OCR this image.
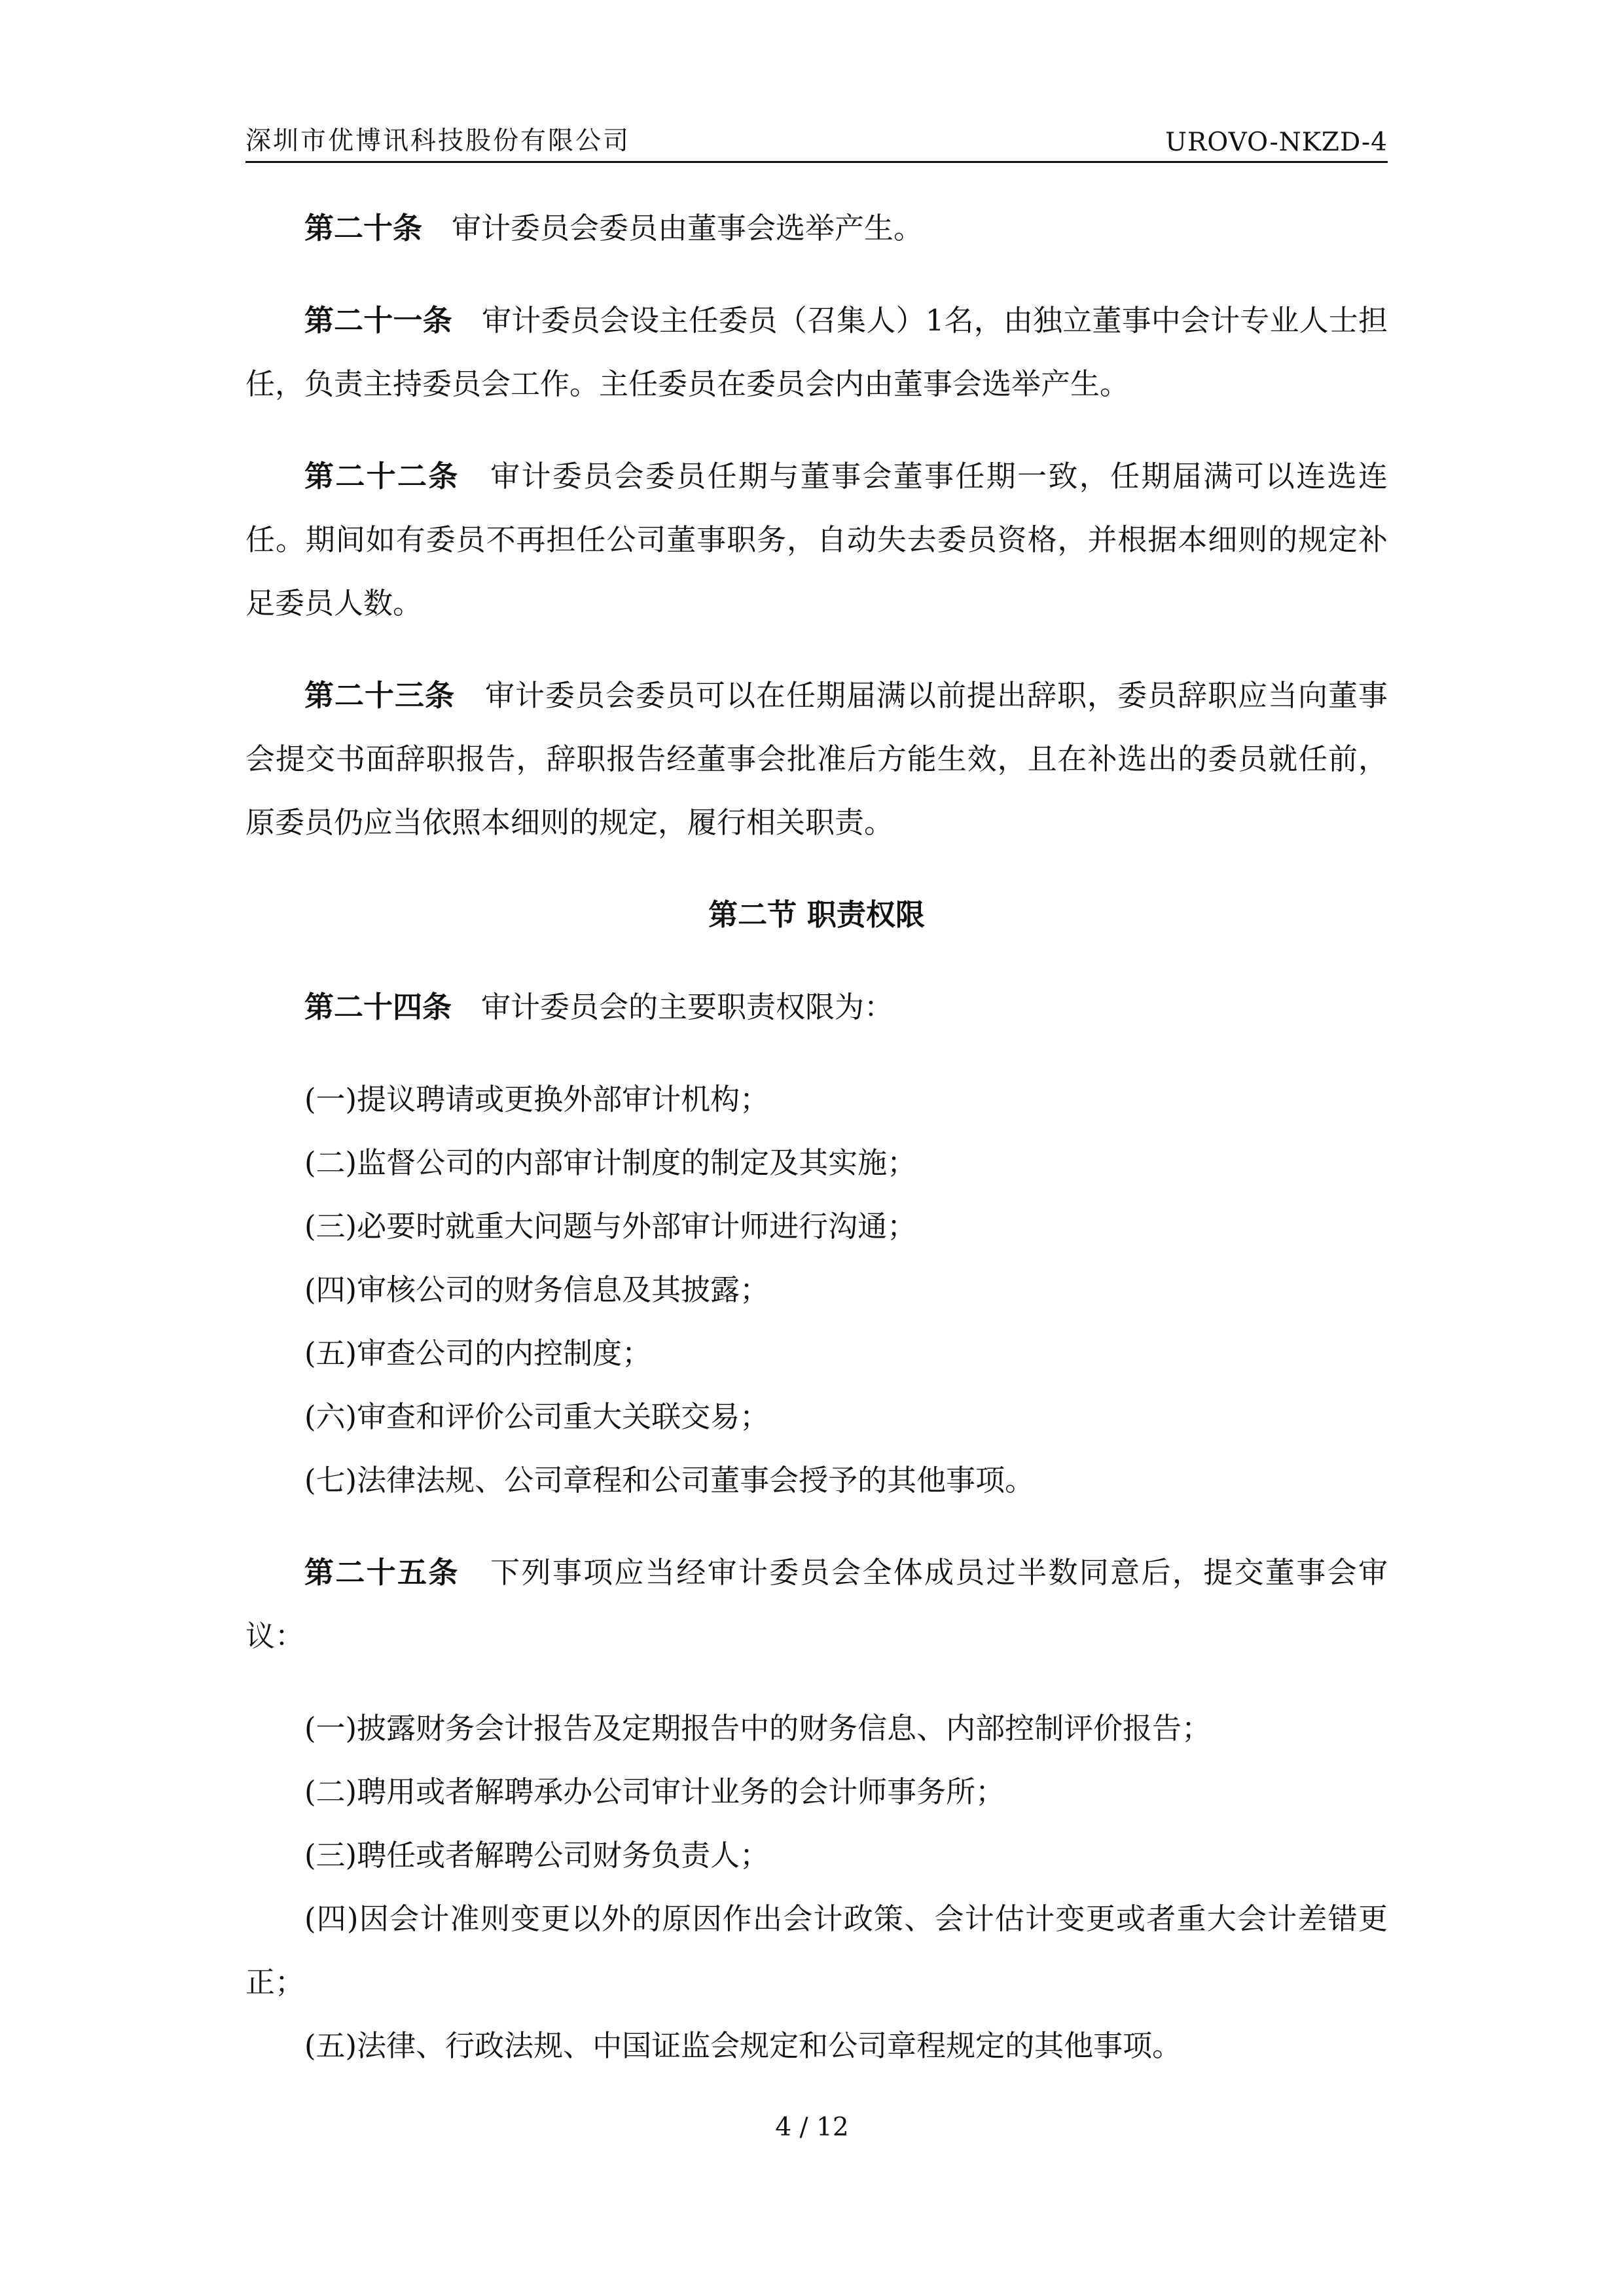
深圳市优博讯科技股份有限公司	UROVO-NKZD-4

第二十条  审计委员会委员由董事会选举产生。

第二十一条  审计委员会设主任委员（召集人）1名，由独立董事中会计专业人士担任，负责主持委员会工作。主任委员在委员会内由董事会选举产生。

第二十二条  审计委员会委员任期与董事会董事任期一致，任期届满可以连选连任。期间如有委员不再担任公司董事职务，自动失去委员资格，并根据本细则的规定补足委员人数。

第二十三条  审计委员会委员可以在任期届满以前提出辞职，委员辞职应当向董事会提交书面辞职报告，辞职报告经董事会批准后方能生效，且在补选出的委员就任前，原委员仍应当依照本细则的规定，履行相关职责。

第二节 职责权限

第二十四条  审计委员会的主要职责权限为：

(一)提议聘请或更换外部审计机构；

(二)监督公司的内部审计制度的制定及其实施；

(三)必要时就重大问题与外部审计师进行沟通；

(四)审核公司的财务信息及其披露；

(五)审查公司的内控制度；

(六)审查和评价公司重大关联交易；

(七)法律法规、公司章程和公司董事会授予的其他事项。

第二十五条  下列事项应当经审计委员会全体成员过半数同意后，提交董事会审议：

(一)披露财务会计报告及定期报告中的财务信息、内部控制评价报告；

(二)聘用或者解聘承办公司审计业务的会计师事务所；

(三)聘任或者解聘公司财务负责人；

(四)因会计准则变更以外的原因作出会计政策、会计估计变更或者重大会计差错更正；

(五)法律、行政法规、中国证监会规定和公司章程规定的其他事项。

4 / 12
